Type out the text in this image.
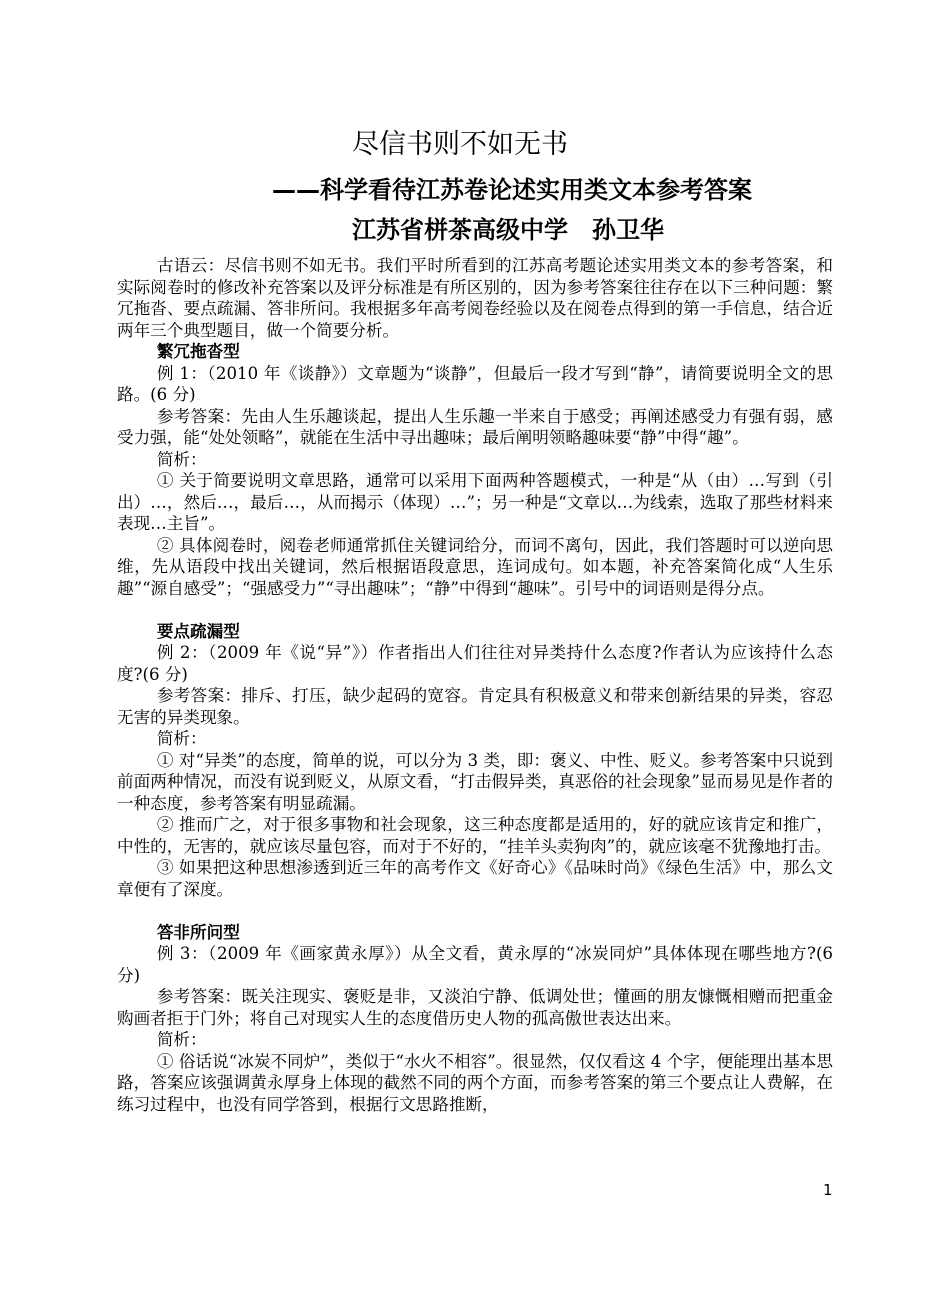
尽信书则不如无书
——科学看待江苏卷论述实用类文本参考答案
江苏省栟茶高级中学　孙卫华

古语云：尽信书则不如无书。我们平时所看到的江苏高考题论述实用类文本的参考答案，和实际阅卷时的修改补充答案以及评分标准是有所区别的，因为参考答案往往存在以下三种问题：繁冗拖沓、要点疏漏、答非所问。我根据多年高考阅卷经验以及在阅卷点得到的第一手信息，结合近两年三个典型题目，做一个简要分析。

繁冗拖沓型

例 1：（2010 年《谈静》）文章题为“谈静”，但最后一段才写到“静”，请简要说明全文的思路。(6 分)

参考答案：先由人生乐趣谈起，提出人生乐趣一半来自于感受；再阐述感受力有强有弱，感受力强，能“处处领略”，就能在生活中寻出趣味；最后阐明领略趣味要“静”中得“趣”。

简析：

① 关于简要说明文章思路，通常可以采用下面两种答题模式，一种是“从（由）…写到（引出）…，然后…，最后…，从而揭示（体现）…”；另一种是“文章以…为线索，选取了那些材料来表现…主旨”。

② 具体阅卷时，阅卷老师通常抓住关键词给分，而词不离句，因此，我们答题时可以逆向思维，先从语段中找出关键词，然后根据语段意思，连词成句。如本题，补充答案简化成“人生乐趣”“源自感受”；“强感受力”“寻出趣味”；“静”中得到“趣味”。引号中的词语则是得分点。

要点疏漏型

例 2：（2009 年《说“异”》）作者指出人们往往对异类持什么态度?作者认为应该持什么态度?(6 分)

参考答案：排斥、打压，缺少起码的宽容。肯定具有积极意义和带来创新结果的异类，容忍无害的异类现象。

简析：

① 对“异类”的态度，简单的说，可以分为 3 类，即：褒义、中性、贬义。参考答案中只说到前面两种情况，而没有说到贬义，从原文看，“打击假异类，真恶俗的社会现象”显而易见是作者的一种态度，参考答案有明显疏漏。

② 推而广之，对于很多事物和社会现象，这三种态度都是适用的，好的就应该肯定和推广，中性的，无害的，就应该尽量包容，而对于不好的，“挂羊头卖狗肉”的，就应该毫不犹豫地打击。

③ 如果把这种思想渗透到近三年的高考作文《好奇心》《品味时尚》《绿色生活》中，那么文章便有了深度。

答非所问型

例 3：（2009 年《画家黄永厚》）从全文看，黄永厚的“冰炭同炉”具体体现在哪些地方?(6 分)

参考答案：既关注现实、褒贬是非，又淡泊宁静、低调处世；懂画的朋友慷慨相赠而把重金购画者拒于门外；将自己对现实人生的态度借历史人物的孤高傲世表达出来。

简析：

① 俗话说“冰炭不同炉”，类似于“水火不相容”。很显然，仅仅看这 4 个字，便能理出基本思路，答案应该强调黄永厚身上体现的截然不同的两个方面，而参考答案的第三个要点让人费解，在练习过程中，也没有同学答到，根据行文思路推断，

1
